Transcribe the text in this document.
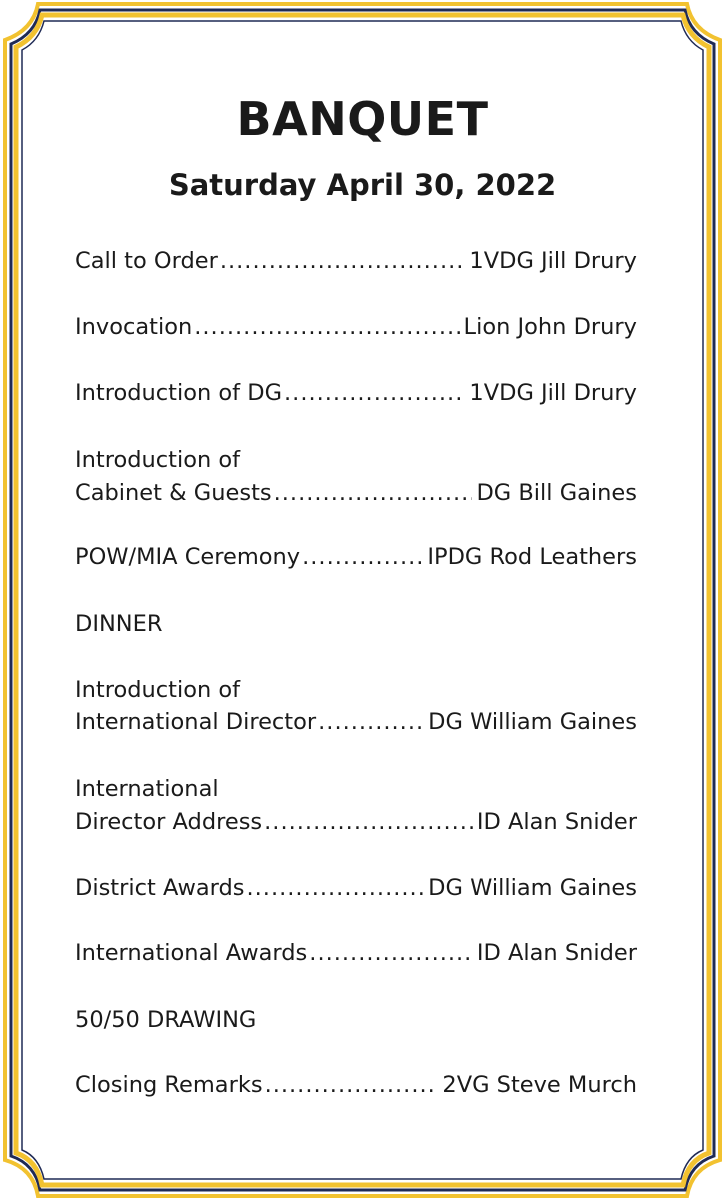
BANQUET
Saturday April 30, 2022
Call to Order .....	1VDG Jill Drury
Invocation .....	Lion John Drury
Introduction of DG .....	1VDG Jill Drury
Introduction of
Cabinet & Guests .....	DG Bill Gaines
POW/MIA Ceremony .....	IPDG Rod Leathers
DINNER
Introduction of
International Director .....	DG William Gaines
International
Director Address .....	ID Alan Snider
District Awards .....	DG William Gaines
International Awards .....	ID Alan Snider
50/50 DRAWING
Closing Remarks .....	2VG Steve Murch
